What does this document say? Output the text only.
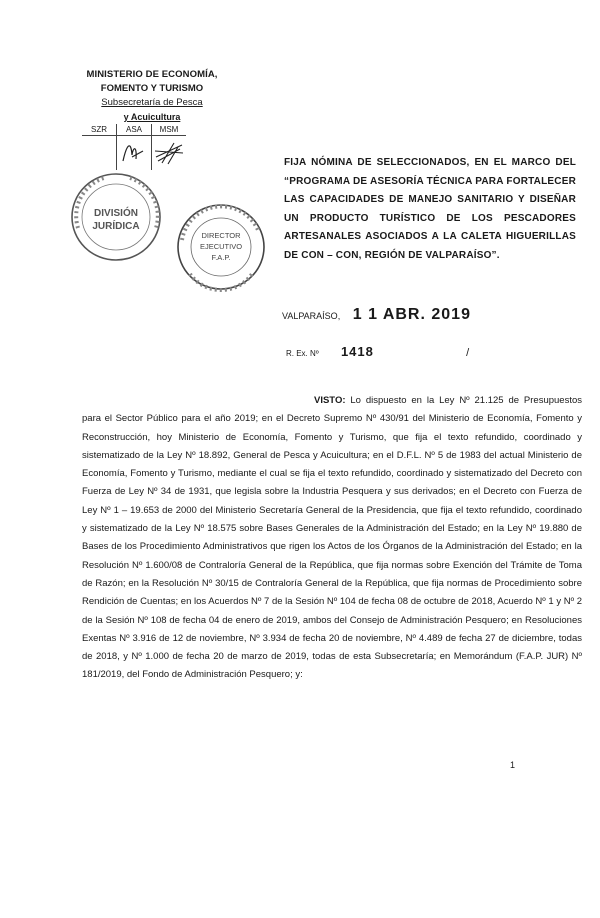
MINISTERIO DE ECONOMÍA,
FOMENTO Y TURISMO
Subsecretaría de Pesca
y Acuicultura
SZR	ASA	MSM

DIVISIÓN
JURÍDICA
DIRECTOR
EJECUTIVO
F.A.P.
FIJA NÓMINA DE SELECCIONADOS, EN EL MARCO DEL “PROGRAMA DE ASESORÍA TÉCNICA PARA FORTALECER LAS CAPACIDADES DE MANEJO SANITARIO Y DISEÑAR UN PRODUCTO TURÍSTICO DE LOS PESCADORES ARTESANALES ASOCIADOS A LA CALETA HIGUERILLAS DE CON – CON, REGIÓN DE VALPARAÍSO”.
VALPARAÍSO, 1 1 ABR. 2019
R. Ex. Nº 1418	/
VISTO: Lo dispuesto en la Ley Nº 21.125 de Presupuestos para el Sector Público para el año 2019; en el Decreto Supremo Nº 430/91 del Ministerio de Economía, Fomento y Reconstrucción, hoy Ministerio de Economía, Fomento y Turismo, que fija el texto refundido, coordinado y sistematizado de la Ley Nº 18.892, General de Pesca y Acuicultura; en el D.F.L. Nº 5 de 1983 del actual Ministerio de Economía, Fomento y Turismo, mediante el cual se fija el texto refundido, coordinado y sistematizado del Decreto con Fuerza de Ley Nº 34 de 1931, que legisla sobre la Industria Pesquera y sus derivados; en el Decreto con Fuerza de Ley Nº 1 – 19.653 de 2000 del Ministerio Secretaría General de la Presidencia, que fija el texto refundido, coordinado y sistematizado de la Ley Nº 18.575 sobre Bases Generales de la Administración del Estado; en la Ley Nº 19.880 de Bases de los Procedimiento Administrativos que rigen los Actos de los Órganos de la Administración del Estado; en la Resolución Nº 1.600/08 de Contraloría General de la República, que fija normas sobre Exención del Trámite de Toma de Razón; en la Resolución Nº 30/15 de Contraloría General de la República, que fija normas de Procedimiento sobre Rendición de Cuentas; en los Acuerdos Nº 7 de la Sesión Nº 104 de fecha 08 de octubre de 2018, Acuerdo Nº 1 y Nº 2 de la Sesión Nº 108 de fecha 04 de enero de 2019, ambos del Consejo de Administración Pesquero; en Resoluciones Exentas Nº 3.916 de 12 de noviembre, Nº 3.934 de fecha 20 de noviembre, Nº 4.489 de fecha 27 de diciembre, todas de 2018, y Nº 1.000 de fecha 20 de marzo de 2019, todas de esta Subsecretaría; en Memorándum (F.A.P. JUR) Nº 181/2019, del Fondo de Administración Pesquero; y:
1
